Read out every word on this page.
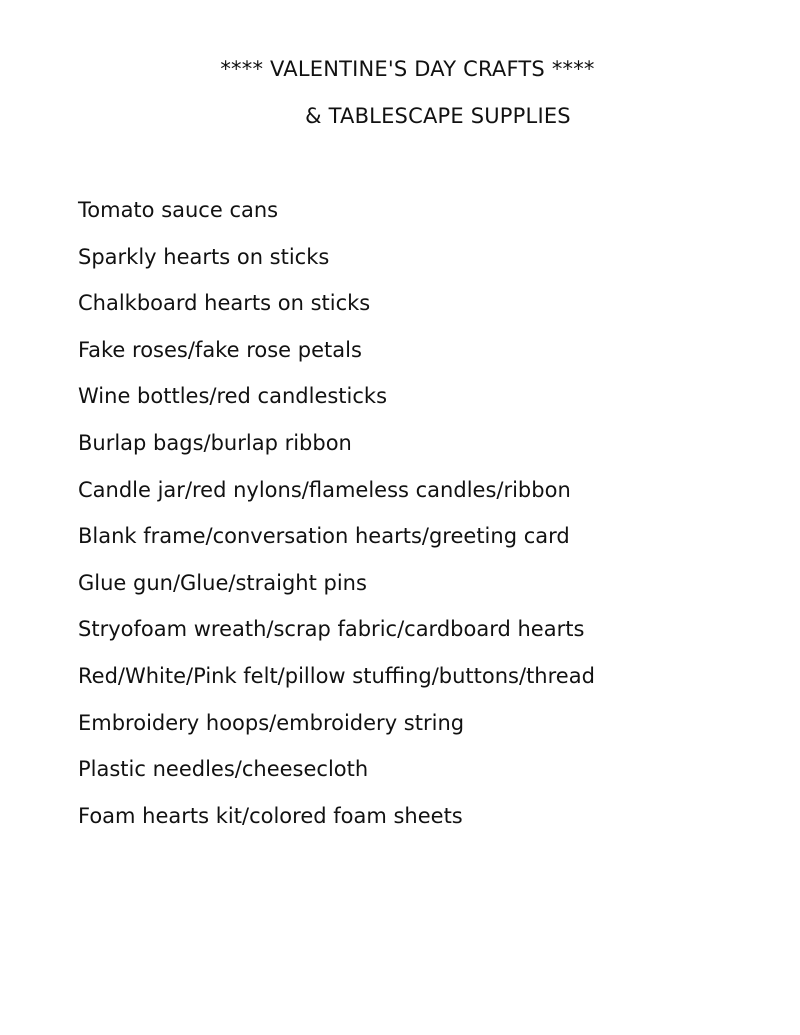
**** VALENTINE'S DAY CRAFTS ****
& TABLESCAPE SUPPLIES
Tomato sauce cans
Sparkly hearts on sticks
Chalkboard hearts on sticks
Fake roses/fake rose petals
Wine bottles/red candlesticks
Burlap bags/burlap ribbon
Candle jar/red nylons/flameless candles/ribbon
Blank frame/conversation hearts/greeting card
Glue gun/Glue/straight pins
Stryofoam wreath/scrap fabric/cardboard hearts
Red/White/Pink felt/pillow stuffing/buttons/thread
Embroidery hoops/embroidery string
Plastic needles/cheesecloth
Foam hearts kit/colored foam sheets
